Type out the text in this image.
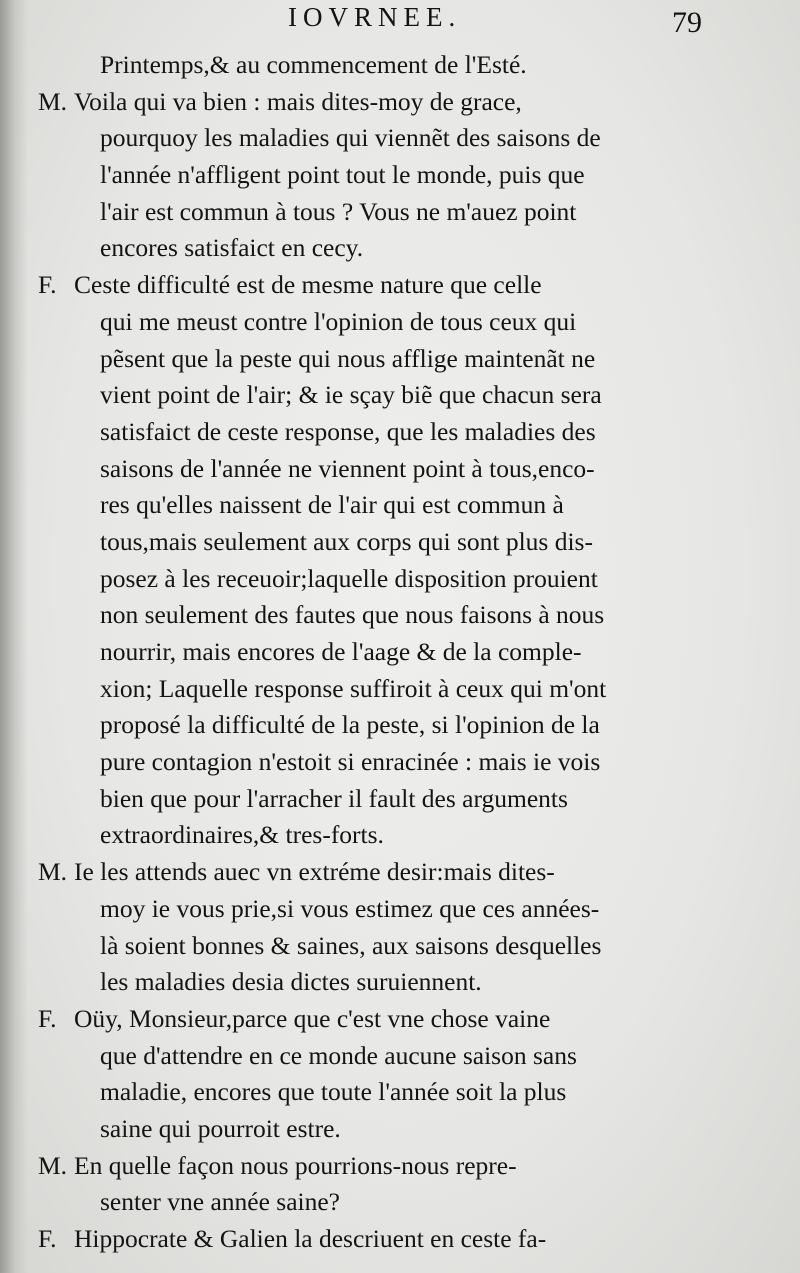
IOVRNEE.	79
Printemps,& au commencement de l'Esté.
M. Voila qui va bien : mais dites-moy de grace,
pourquoy les maladies qui viennẽt des saisons de
l'année n'affligent point tout le monde, puis que
l'air est commun à tous ? Vous ne m'auez point
encores satisfaict en cecy.
F. Ceste difficulté est de mesme nature que celle
qui me meust contre l'opinion de tous ceux qui
pẽsent que la peste qui nous afflige maintenãt ne
vient point de l'air; & ie sçay biẽ que chacun sera
satisfaict de ceste response, que les maladies des
saisons de l'année ne viennent point à tous,enco-
res qu'elles naissent de l'air qui est commun à
tous,mais seulement aux corps qui sont plus dis-
posez à les receuoir;laquelle disposition prouient
non seulement des fautes que nous faisons à nous
nourrir, mais encores de l'aage & de la comple-
xion; Laquelle response suffiroit à ceux qui m'ont
proposé la difficulté de la peste, si l'opinion de la
pure contagion n'estoit si enracinée : mais ie vois
bien que pour l'arracher il fault des arguments
extraordinaires,& tres-forts.
M. Ie les attends auec vn extréme desir:mais dites-
moy ie vous prie,si vous estimez que ces années-
là soient bonnes & saines, aux saisons desquelles
les maladies desia dictes suruiennent.
F. Oüy, Monsieur,parce que c'est vne chose vaine
que d'attendre en ce monde aucune saison sans
maladie, encores que toute l'année soit la plus
saine qui pourroit estre.
M. En quelle façon nous pourrions-nous repre-
senter vne année saine?
F. Hippocrate & Galien la descriuent en ceste fa-
